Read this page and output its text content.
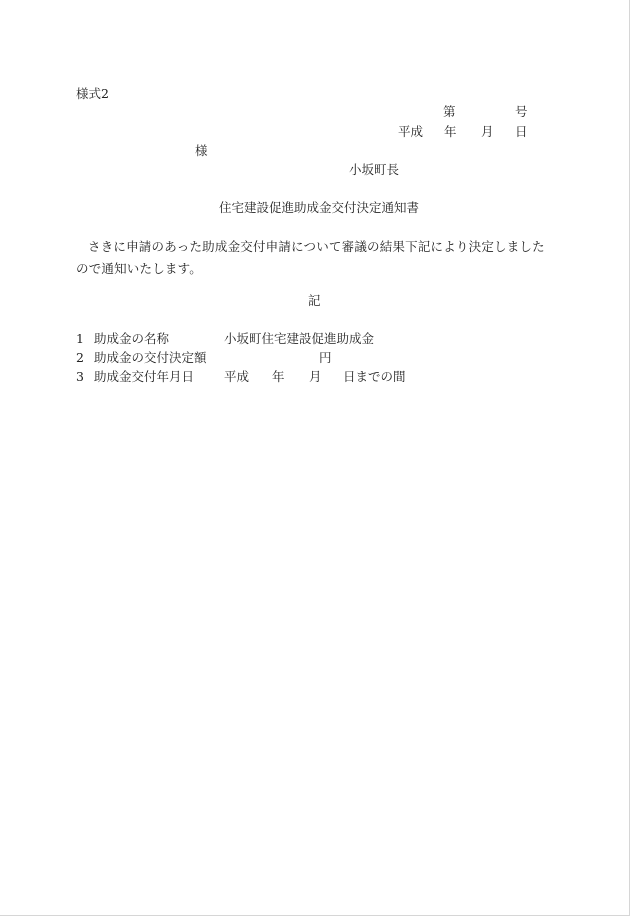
様式2
第	号
平成 年 月 日
様
小坂町長
住宅建設促進助成金交付決定通知書
さきに申請のあった助成金交付申請について審議の結果下記により決定しましたので通知いたします。
記
1 助成金の名称	小坂町住宅建設促進助成金
2 助成金の交付決定額	円
3 助成金交付年月日 平成 年 月 日までの間
